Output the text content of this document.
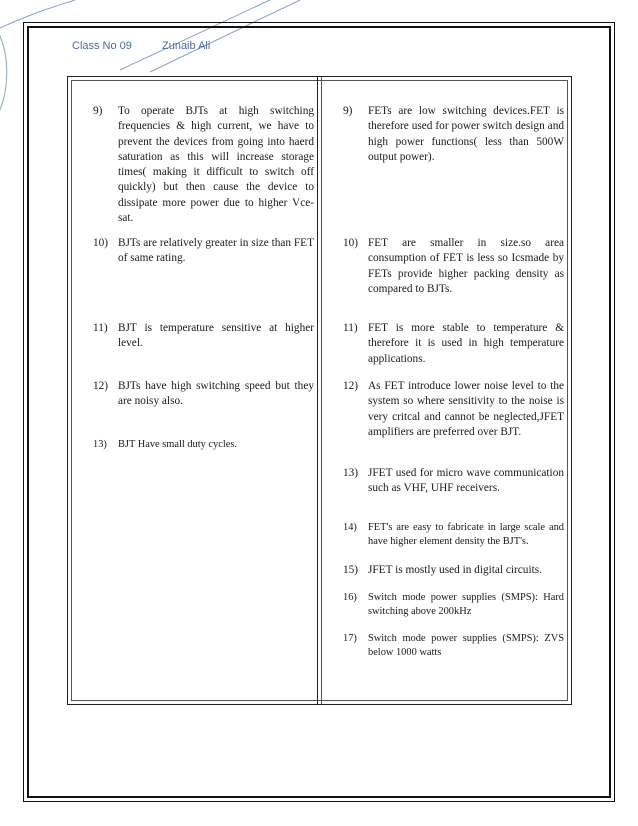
Class No 09	Zunaib Ali
9) To operate BJTs at high switching frequencies & high current, we have to prevent the devices from going into haerd saturation as this will increase storage times( making it difficult to switch off quickly) but then cause the device to dissipate more power due to higher Vce-sat.
10) BJTs are relatively greater in size than FET of same rating.
11) BJT is temperature sensitive at higher level.
12) BJTs have high switching speed but they are noisy also.
13) BJT Have small duty cycles.
9) FETs are low switching devices.FET is therefore used for power switch design and high power functions( less than 500W output power).
10) FET are smaller in size.so area consumption of FET is less so Icsmade by FETs provide higher packing density as compared to BJTs.
11) FET is more stable to temperature & therefore it is used in high temperature applications.
12) As FET introduce lower noise level to the system so where sensitivity to the noise is very critcal and cannot be neglected,JFET amplifiers are preferred over BJT.
13) JFET used for micro wave communication such as VHF, UHF receivers.
14) FET's are easy to fabricate in large scale and have higher element density the BJT's.
15) JFET is mostly used in digital circuits.
16) Switch mode power supplies (SMPS): Hard switching above 200kHz
17) Switch mode power supplies (SMPS): ZVS below 1000 watts
